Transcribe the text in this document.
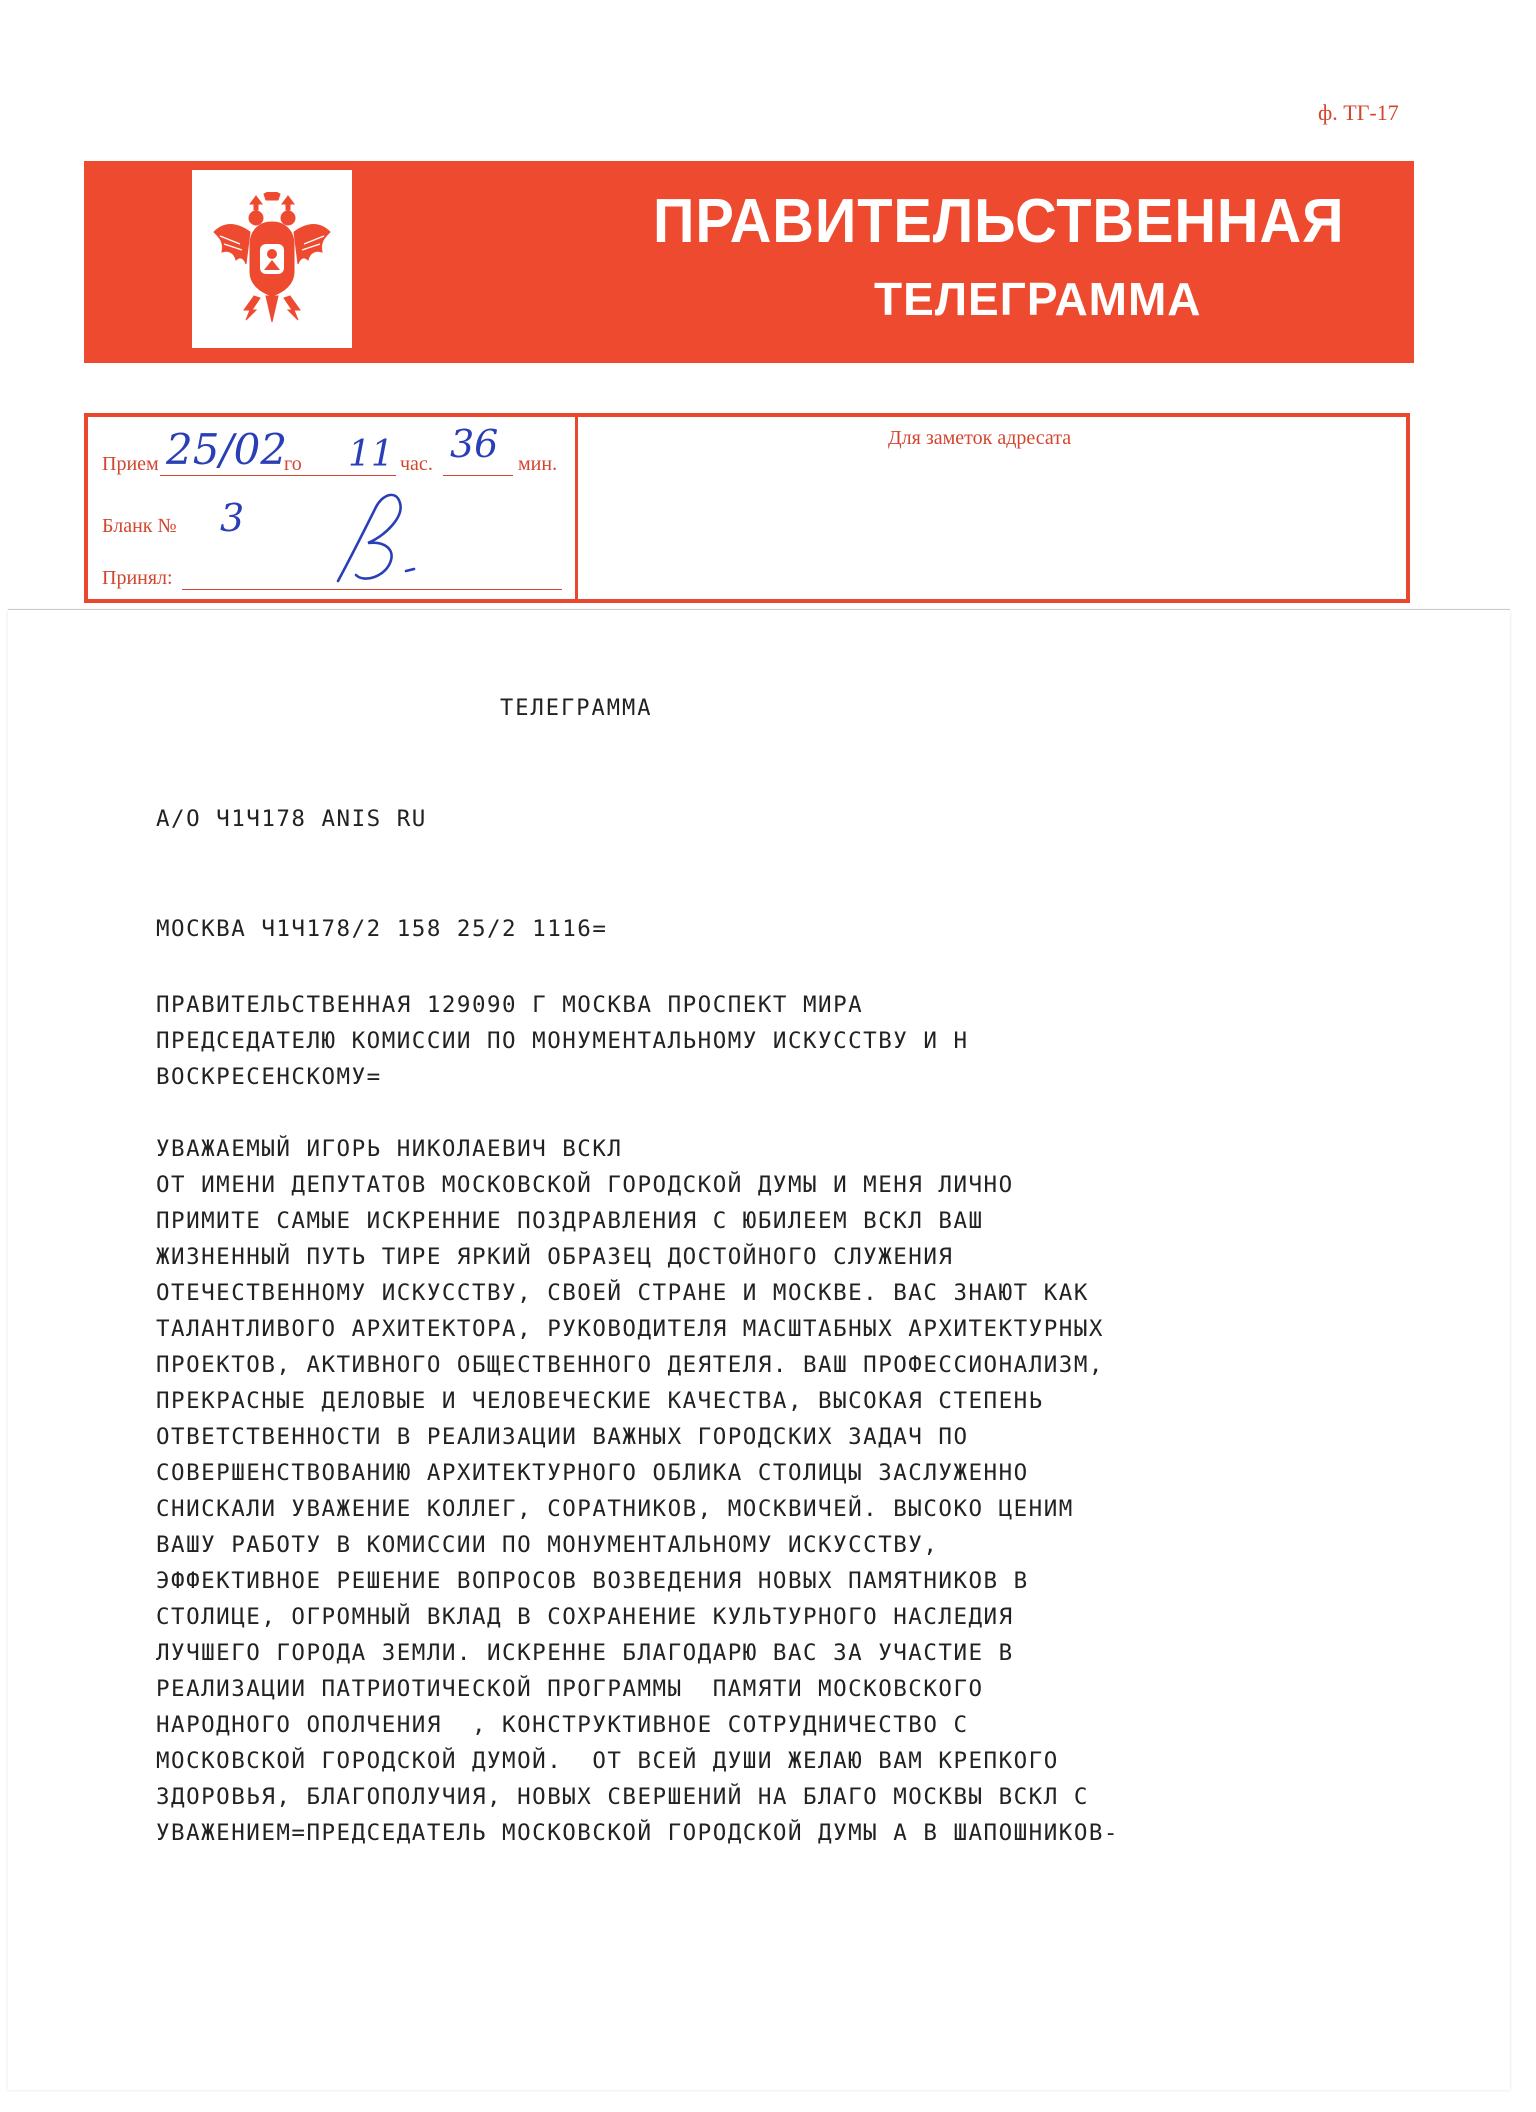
ф. ТГ-17
ПРАВИТЕЛЬСТВЕННАЯ
ТЕЛЕГРАММА
Прием 25/02
го 11 час. 36 мин.
Бланк № 3
Принял:
Для заметок адресата
ТЕЛЕГРАММА

А/О Ч1Ч178 ANIS RU

МОСКВА Ч1Ч178/2 158 25/2 1116=

ПРАВИТЕЛЬСТВЕННАЯ 129090 Г МОСКВА ПРОСПЕКТ МИРА

ПРЕДСЕДАТЕЛЮ КОМИССИИ ПО МОНУМЕНТАЛЬНОМУ ИСКУССТВУ И Н

ВОСКРЕСЕНСКОМУ=

УВАЖАЕМЫЙ ИГОРЬ НИКОЛАЕВИЧ ВСКЛ

ОТ ИМЕНИ ДЕПУТАТОВ МОСКОВСКОЙ ГОРОДСКОЙ ДУМЫ И МЕНЯ ЛИЧНО

ПРИМИТЕ САМЫЕ ИСКРЕННИЕ ПОЗДРАВЛЕНИЯ С ЮБИЛЕЕМ ВСКЛ ВАШ

ЖИЗНЕННЫЙ ПУТЬ ТИРЕ ЯРКИЙ ОБРАЗЕЦ ДОСТОЙНОГО СЛУЖЕНИЯ

ОТЕЧЕСТВЕННОМУ ИСКУССТВУ, СВОЕЙ СТРАНЕ И МОСКВЕ. ВАС ЗНАЮТ КАК

ТАЛАНТЛИВОГО АРХИТЕКТОРА, РУКОВОДИТЕЛЯ МАСШТАБНЫХ АРХИТЕКТУРНЫХ

ПРОЕКТОВ, АКТИВНОГО ОБЩЕСТВЕННОГО ДЕЯТЕЛЯ. ВАШ ПРОФЕССИОНАЛИЗМ,

ПРЕКРАСНЫЕ ДЕЛОВЫЕ И ЧЕЛОВЕЧЕСКИЕ КАЧЕСТВА, ВЫСОКАЯ СТЕПЕНЬ

ОТВЕТСТВЕННОСТИ В РЕАЛИЗАЦИИ ВАЖНЫХ ГОРОДСКИХ ЗАДАЧ ПО

СОВЕРШЕНСТВОВАНИЮ АРХИТЕКТУРНОГО ОБЛИКА СТОЛИЦЫ ЗАСЛУЖЕННО

СНИСКАЛИ УВАЖЕНИЕ КОЛЛЕГ, СОРАТНИКОВ, МОСКВИЧЕЙ. ВЫСОКО ЦЕНИМ

ВАШУ РАБОТУ В КОМИССИИ ПО МОНУМЕНТАЛЬНОМУ ИСКУССТВУ,

ЭФФЕКТИВНОЕ РЕШЕНИЕ ВОПРОСОВ ВОЗВЕДЕНИЯ НОВЫХ ПАМЯТНИКОВ В

СТОЛИЦЕ, ОГРОМНЫЙ ВКЛАД В СОХРАНЕНИЕ КУЛЬТУРНОГО НАСЛЕДИЯ

ЛУЧШЕГО ГОРОДА ЗЕМЛИ. ИСКРЕННЕ БЛАГОДАРЮ ВАС ЗА УЧАСТИЕ В

РЕАЛИЗАЦИИ ПАТРИОТИЧЕСКОЙ ПРОГРАММЫ  ПАМЯТИ МОСКОВСКОГО

НАРОДНОГО ОПОЛЧЕНИЯ  , КОНСТРУКТИВНОЕ СОТРУДНИЧЕСТВО С

МОСКОВСКОЙ ГОРОДСКОЙ ДУМОЙ.  ОТ ВСЕЙ ДУШИ ЖЕЛАЮ ВАМ КРЕПКОГО

ЗДОРОВЬЯ, БЛАГОПОЛУЧИЯ, НОВЫХ СВЕРШЕНИЙ НА БЛАГО МОСКВЫ ВСКЛ С

УВАЖЕНИЕМ=ПРЕДСЕДАТЕЛЬ МОСКОВСКОЙ ГОРОДСКОЙ ДУМЫ А В ШАПОШНИКОВ-
